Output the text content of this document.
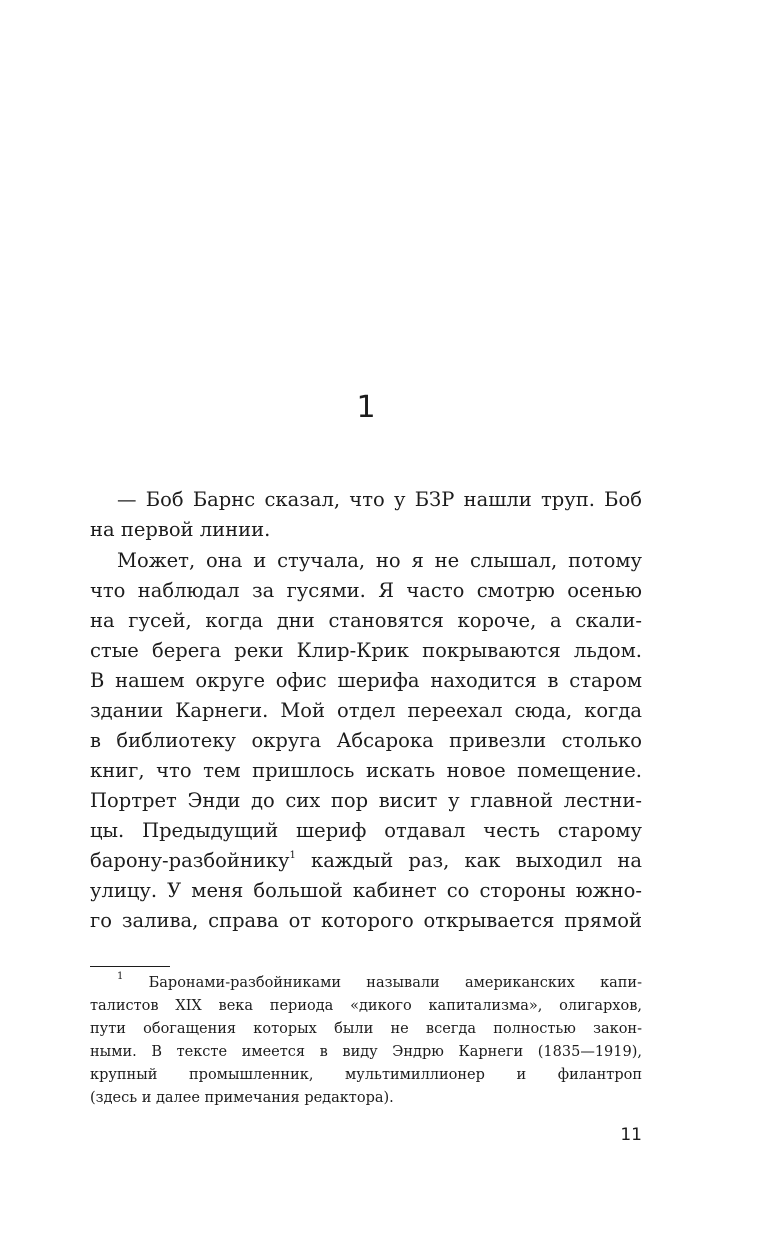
1
— Боб Барнс сказал, что у БЗР нашли труп. Боб
на первой линии.
Может, она и стучала, но я не слышал, потому
что наблюдал за гусями. Я часто смотрю осенью
на гусей, когда дни становятся короче, а скали-
стые берега реки Клир-Крик покрываются льдом.
В нашем округе офис шерифа находится в старом
здании Карнеги. Мой отдел переехал сюда, когда
в библиотеку округа Абсарока привезли столько
книг, что тем пришлось искать новое помещение.
Портрет Энди до сих пор висит у главной лестни-
цы. Предыдущий шериф отдавал честь старому
барону-разбойнику$^1$ каждый раз, как выходил на
улицу. У меня большой кабинет со стороны южно-
го залива, справа от которого открывается прямой
$^1$ Баронами-разбойниками называли американских капи-
талистов XIX века периода «дикого капитализма», олигархов,
пути обогащения которых были не всегда полностью закон-
ными. В тексте имеется в виду Эндрю Карнеги (1835—1919),
крупный промышленник, мультимиллионер и филантроп
(здесь и далее примечания редактора).
11
